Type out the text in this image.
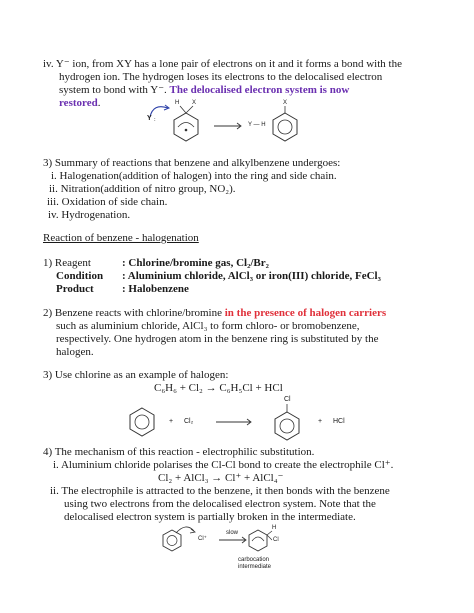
iv. Y⁻ ion, from XY has a lone pair of electrons on it and it forms a bond with the
hydrogen ion. The hydrogen loses its electrons to the delocalised electron
system to bond with Y⁻. The delocalised electron system is now
restored.
Y :
H X
Y — H
X
3) Summary of reactions that benzene and alkylbenzene undergoes:
i. Halogenation(addition of halogen) into the ring and side chain.
ii. Nitration(addition of nitro group, NO₂).
iii. Oxidation of side chain.
iv. Hydrogenation.
Reaction of benzene - halogenation
1) Reagent	: Chlorine/bromine gas, Cl₂/Br₂
Condition : Aluminium chloride, AlCl₃ or iron(III) chloride, FeCl₃
Product	: Halobenzene
2) Benzene reacts with chlorine/bromine in the presence of halogen carriers
such as aluminium chloride, AlCl₃ to form chloro- or bromobenzene,
respectively. One hydrogen atom in the benzene ring is substituted by the
halogen.
3) Use chlorine as an example of halogen:
C₆H₆ + Cl₂ → C₆H₅Cl + HCl
+ Cl₂
Cl
+ HCl
4) The mechanism of this reaction - electrophilic substitution.
i. Aluminium chloride polarises the Cl-Cl bond to create the electrophile Cl⁺.
Cl₂ + AlCl₃ → Cl⁺ + AlCl₄⁻
ii. The electrophile is attracted to the benzene, it then bonds with the benzene
using two electrons from the delocalised electron system. Note that the
delocalised electron system is partially broken in the intermediate.
Cl⁺
slow
H
Cl
carbocation
intermediate
